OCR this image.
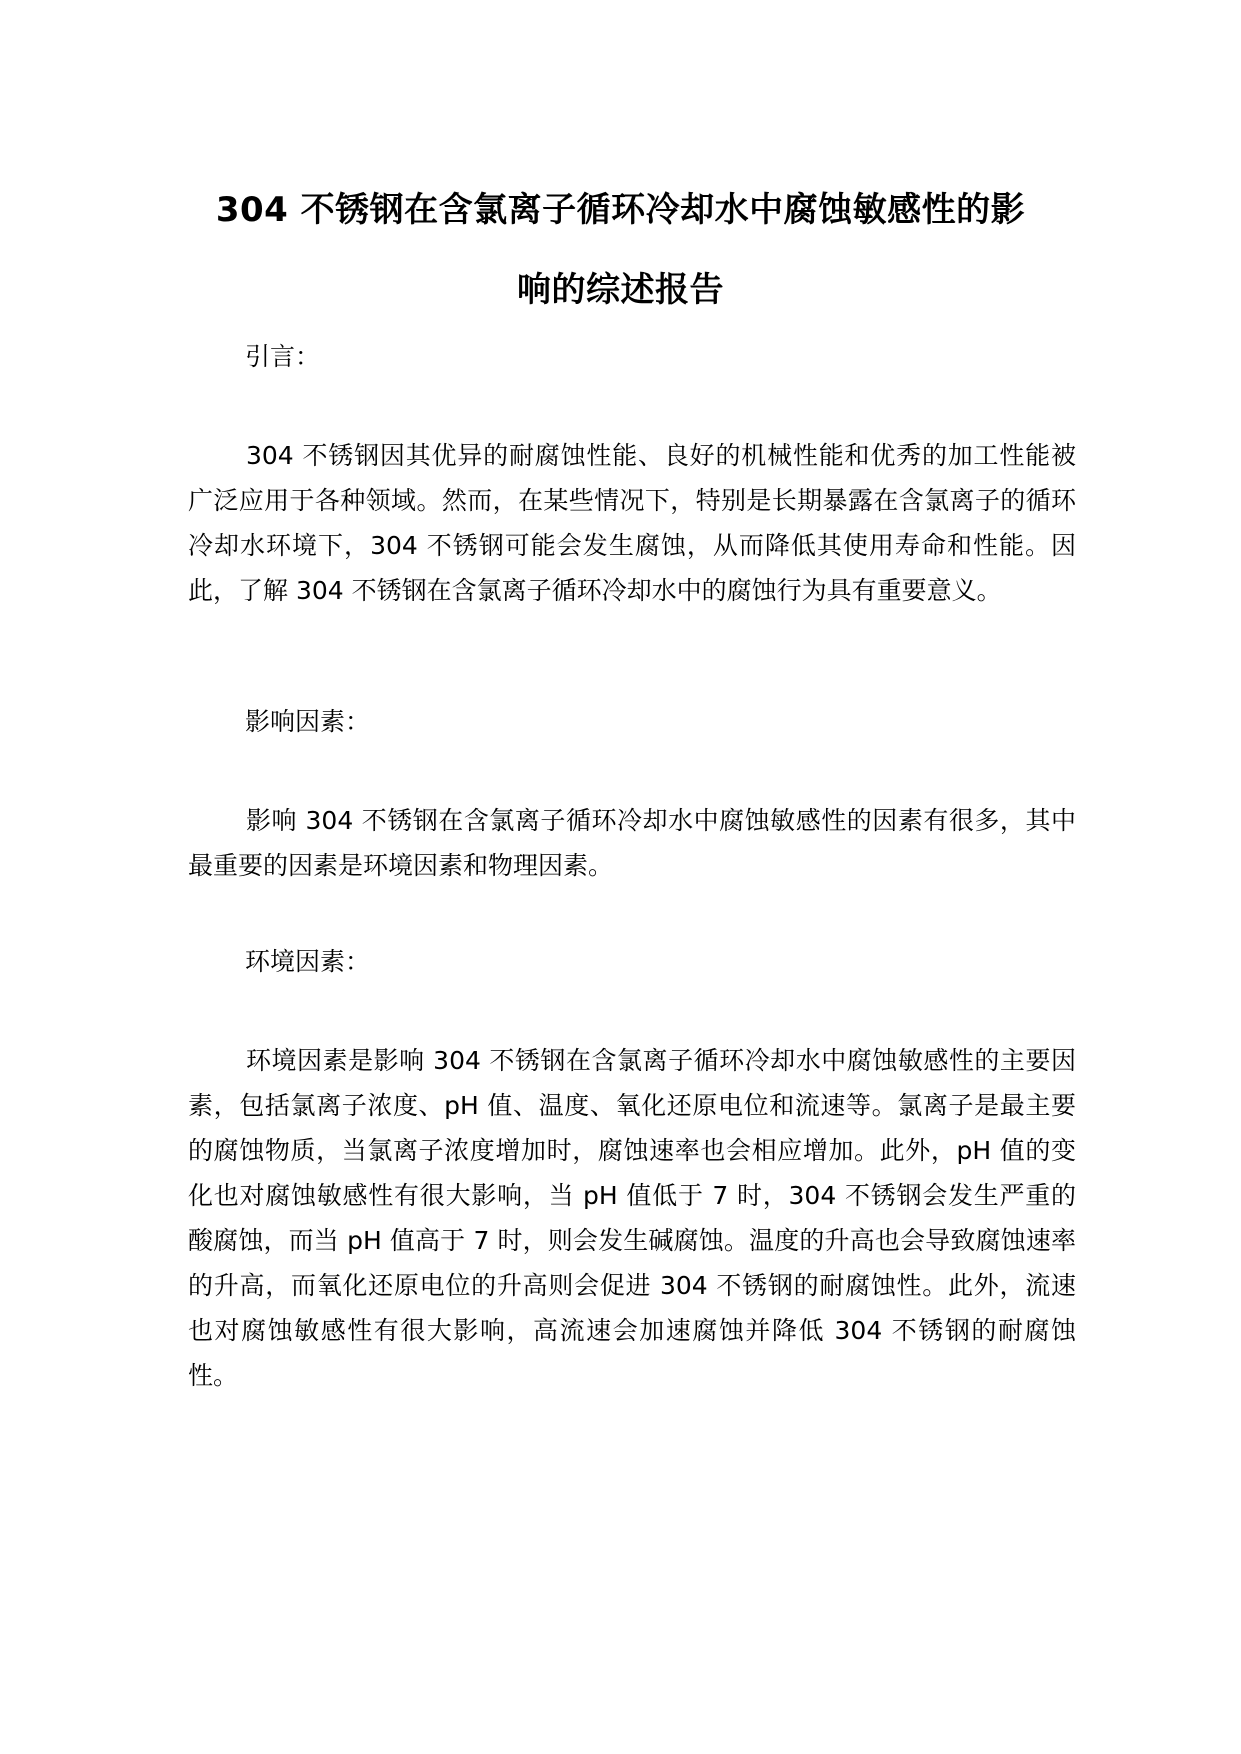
304 不锈钢在含氯离子循环冷却水中腐蚀敏感性的影
响的综述报告
引言：
304 不锈钢因其优异的耐腐蚀性能、良好的机械性能和优秀的加工性能被广泛应用于各种领域。然而，在某些情况下，特别是长期暴露在含氯离子的循环冷却水环境下，304 不锈钢可能会发生腐蚀，从而降低其使用寿命和性能。因此，了解 304 不锈钢在含氯离子循环冷却水中的腐蚀行为具有重要意义。
影响因素：
影响 304 不锈钢在含氯离子循环冷却水中腐蚀敏感性的因素有很多，其中最重要的因素是环境因素和物理因素。
环境因素：
环境因素是影响 304 不锈钢在含氯离子循环冷却水中腐蚀敏感性的主要因素，包括氯离子浓度、pH 值、温度、氧化还原电位和流速等。氯离子是最主要的腐蚀物质，当氯离子浓度增加时，腐蚀速率也会相应增加。此外，pH 值的变化也对腐蚀敏感性有很大影响，当 pH 值低于 7 时，304 不锈钢会发生严重的酸腐蚀，而当 pH 值高于 7 时，则会发生碱腐蚀。温度的升高也会导致腐蚀速率的升高，而氧化还原电位的升高则会促进 304 不锈钢的耐腐蚀性。此外，流速也对腐蚀敏感性有很大影响，高流速会加速腐蚀并降低 304 不锈钢的耐腐蚀性。
